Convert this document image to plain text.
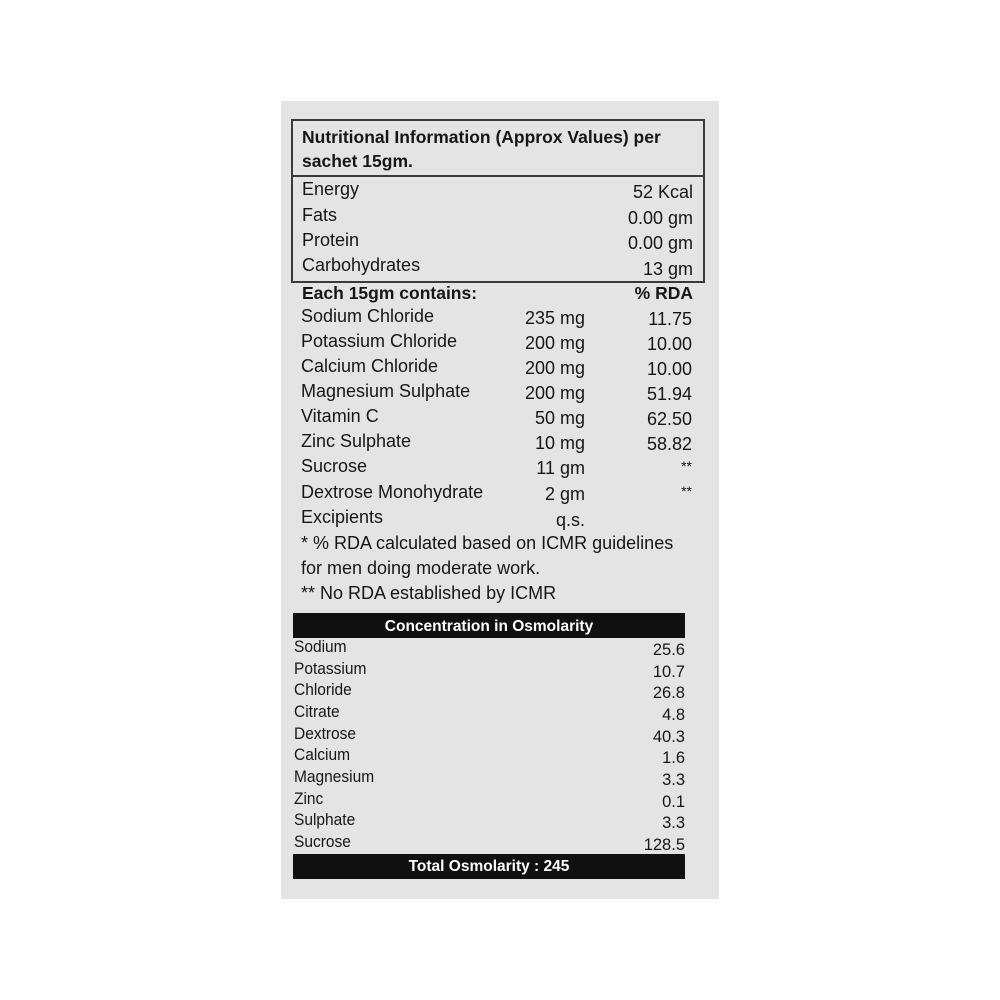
Nutritional Information (Approx Values) per
sachet 15gm.
Energy	52 Kcal
Fats	0.00 gm
Protein	0.00 gm
Carbohydrates	13 gm
Each 15gm contains:	% RDA
Sodium Chloride	235 mg	11.75
Potassium Chloride	200 mg	10.00
Calcium Chloride	200 mg	10.00
Magnesium Sulphate	200 mg	51.94
Vitamin C	50 mg	62.50
Zinc Sulphate	10 mg	58.82
Sucrose	11 gm	**
Dextrose Monohydrate	2 gm	**
Excipients	q.s.
* % RDA calculated based on ICMR guidelines
for men doing moderate work.
** No RDA established by ICMR
Concentration in Osmolarity
Sodium	25.6
Potassium	10.7
Chloride	26.8
Citrate	4.8
Dextrose	40.3
Calcium	1.6
Magnesium	3.3
Zinc	0.1
Sulphate	3.3
Sucrose	128.5
Total Osmolarity : 245
